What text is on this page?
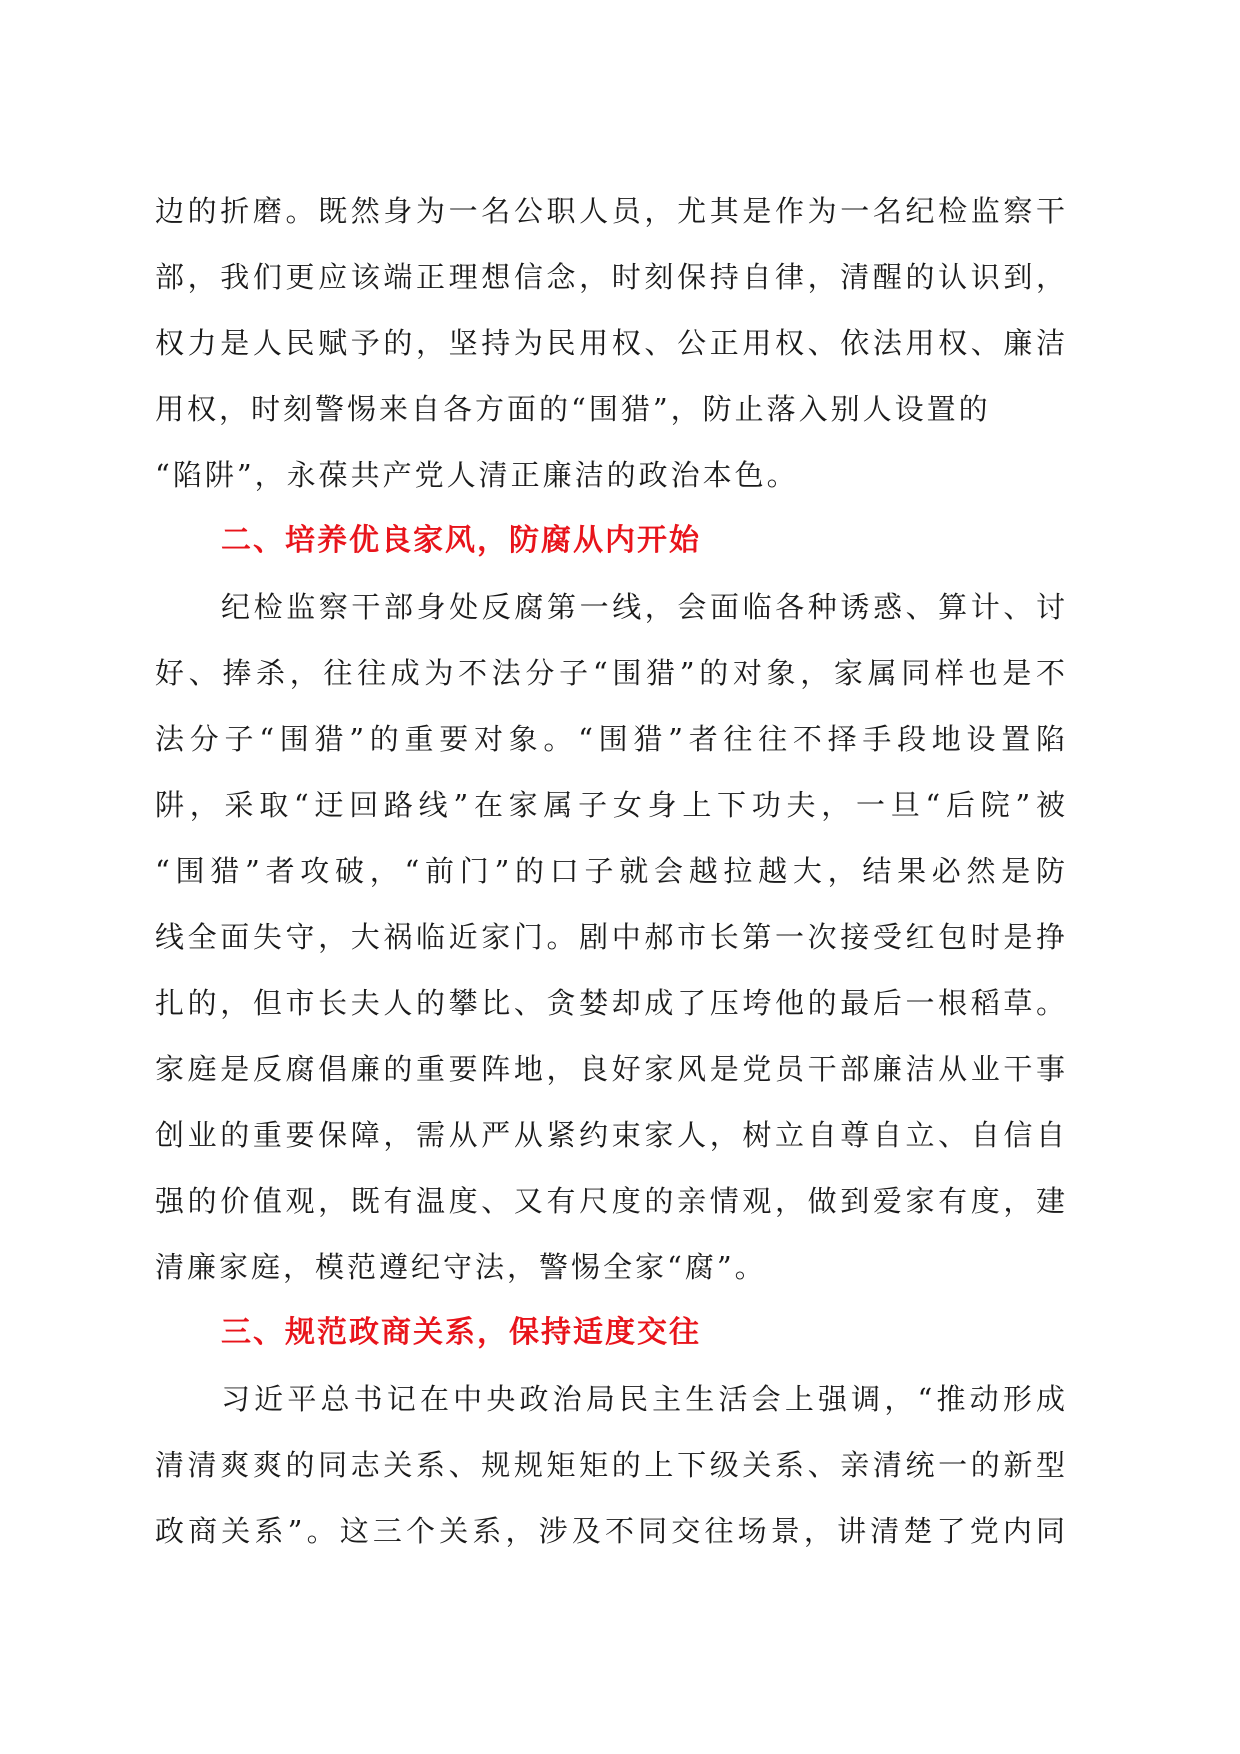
边的折磨。既然身为一名公职人员，尤其是作为一名纪检监察干
部，我们更应该端正理想信念，时刻保持自律，清醒的认识到，
权力是人民赋予的，坚持为民用权、公正用权、依法用权、廉洁
用权，时刻警惕来自各方面的“围猎”，防止落入别人设置的
“陷阱”，永葆共产党人清正廉洁的政治本色。
二、培养优良家风，防腐从内开始
纪检监察干部身处反腐第一线，会面临各种诱惑、算计、讨
好、捧杀，往往成为不法分子“围猎”的对象，家属同样也是不
法分子“围猎”的重要对象。“围猎”者往往不择手段地设置陷
阱，采取“迂回路线”在家属子女身上下功夫，一旦“后院”被
“围猎”者攻破，“前门”的口子就会越拉越大，结果必然是防
线全面失守，大祸临近家门。剧中郝市长第一次接受红包时是挣
扎的，但市长夫人的攀比、贪婪却成了压垮他的最后一根稻草。
家庭是反腐倡廉的重要阵地，良好家风是党员干部廉洁从业干事
创业的重要保障，需从严从紧约束家人，树立自尊自立、自信自
强的价值观，既有温度、又有尺度的亲情观，做到爱家有度，建
清廉家庭，模范遵纪守法，警惕全家“腐”。
三、规范政商关系，保持适度交往
习近平总书记在中央政治局民主生活会上强调，“推动形成
清清爽爽的同志关系、规规矩矩的上下级关系、亲清统一的新型
政商关系”。这三个关系，涉及不同交往场景，讲清楚了党内同
